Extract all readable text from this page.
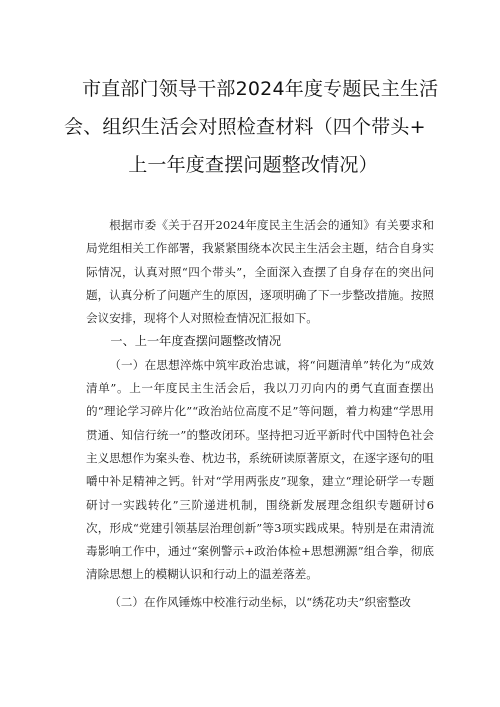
市直部门领导干部2024年度专题民主生活
会、组织生活会对照检查材料（四个带头+
上一年度查摆问题整改情况）

根据市委《关于召开2024年度民主生活会的通知》有关要求和局党组相关工作部署，我紧紧围绕本次民主生活会主题，结合自身实际情况，认真对照“四个带头”，全面深入查摆了自身存在的突出问题，认真分析了问题产生的原因，逐项明确了下一步整改措施。按照会议安排，现将个人对照检查情况汇报如下。

一、上一年度查摆问题整改情况

（一）在思想淬炼中筑牢政治忠诚，将“问题清单”转化为“成效清单”。上一年度民主生活会后，我以刀刃向内的勇气直面查摆出的“理论学习碎片化”“政治站位高度不足”等问题，着力构建“学思用贯通、知信行统一”的整改闭环。坚持把习近平新时代中国特色社会主义思想作为案头卷、枕边书，系统研读原著原文，在逐字逐句的咀嚼中补足精神之钙。针对“学用两张皮”现象，建立“理论研学一专题研讨一实践转化”三阶递进机制，围绕新发展理念组织专题研讨6次，形成“党建引领基层治理创新”等3项实践成果。特别是在肃清流毒影响工作中，通过“案例警示+政治体检+思想溯源”组合拳，彻底清除思想上的模糊认识和行动上的温差落差。

（二）在作风锤炼中校准行动坐标，以“绣花功夫”织密整改
